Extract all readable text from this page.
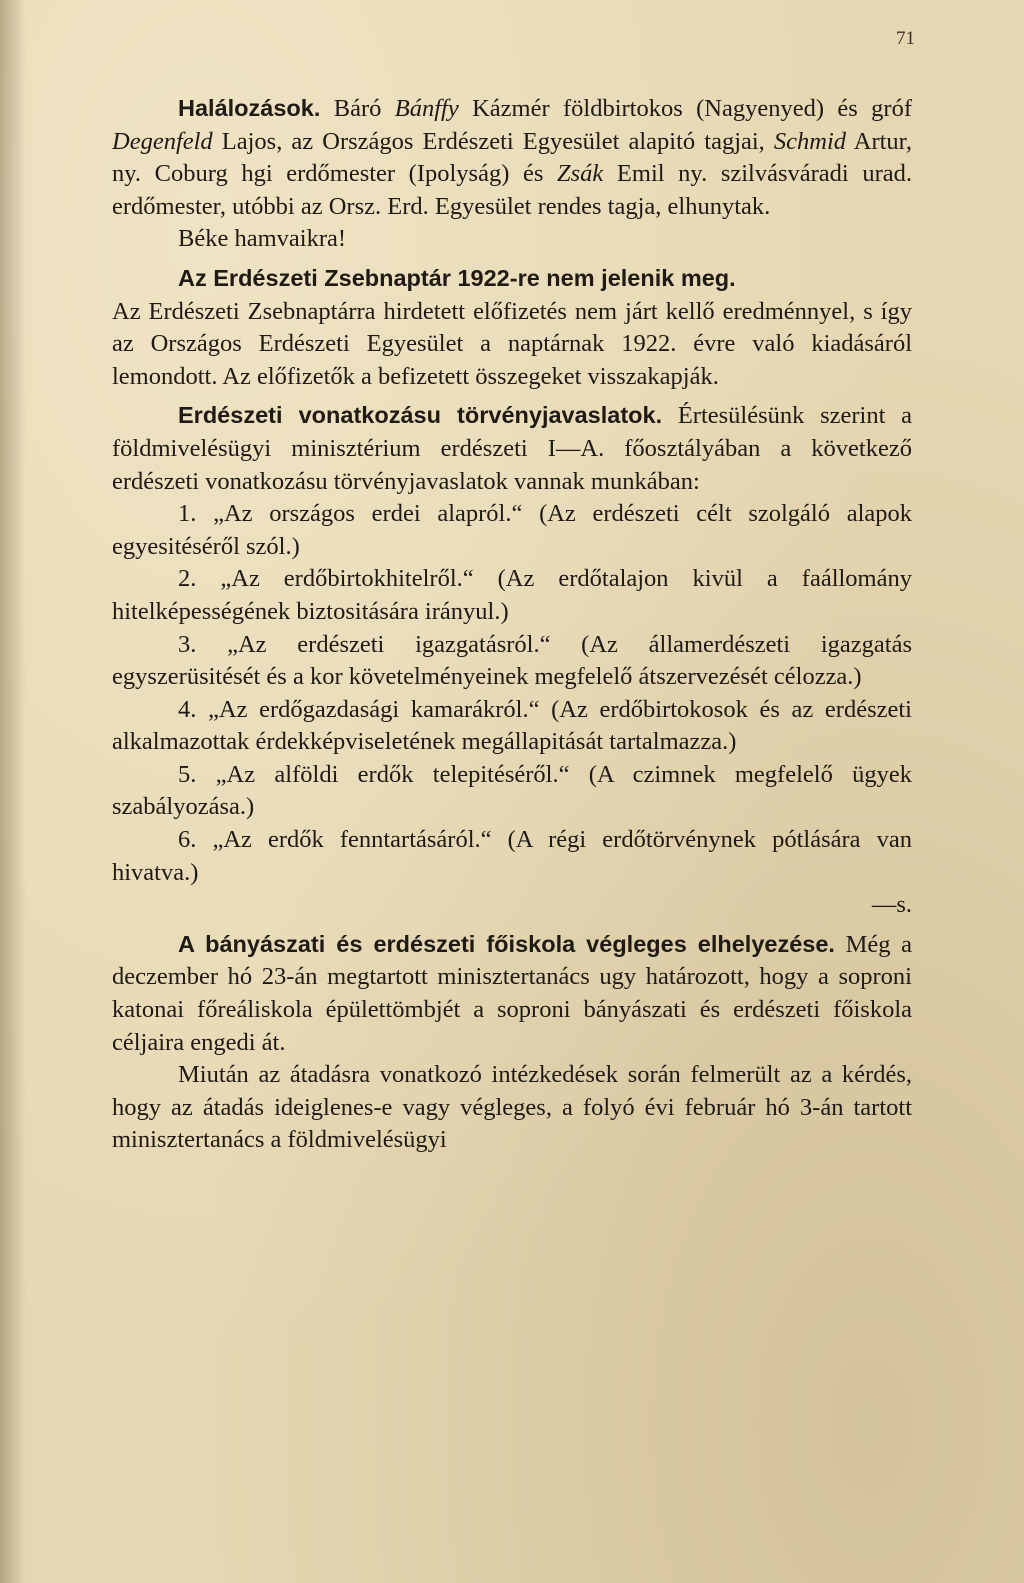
71

Halálozások. Báró Bánffy Kázmér földbirtokos (Nagyenyed) és gróf Degenfeld Lajos, az Országos Erdészeti Egyesület alapitó tagjai, Schmid Artur, ny. Coburg hgi erdőmester (Ipolyság) és Zsák Emil ny. szilvásváradi urad. erdőmester, utóbbi az Orsz. Erd. Egyesület rendes tagja, elhunytak.

Béke hamvaikra!

Az Erdészeti Zsebnaptár 1922-re nem jelenik meg.

Az Erdészeti Zsebnaptárra hirdetett előfizetés nem járt kellő eredménnyel, s így az Országos Erdészeti Egyesület a naptárnak 1922. évre való kiadásáról lemondott. Az előfizetők a befizetett összegeket visszakapják.

Erdészeti vonatkozásu törvényjavaslatok. Értesülésünk szerint a földmivelésügyi minisztérium erdészeti I—A. főosztályában a következő erdészeti vonatkozásu törvényjavaslatok vannak munkában:

1. „Az országos erdei alapról.“ (Az erdészeti célt szolgáló alapok egyesitéséről szól.)

2. „Az erdőbirtokhitelről.“ (Az erdőtalajon kivül a faállomány hitelképességének biztositására irányul.)

3. „Az erdészeti igazgatásról.“ (Az államerdészeti igazgatás egyszerüsitését és a kor követelményeinek megfelelő átszervezését célozza.)

4. „Az erdőgazdasági kamarákról.“ (Az erdőbirtokosok és az erdészeti alkalmazottak érdekképviseletének megállapitását tartalmazza.)

5. „Az alföldi erdők telepitéséről.“ (A czimnek megfelelő ügyek szabályozása.)

6. „Az erdők fenntartásáról.“ (A régi erdőtörvénynek pótlására van hivatva.)
—s.

A bányászati és erdészeti főiskola végleges elhelyezése. Még a deczember hó 23-án megtartott minisztertanács ugy határozott, hogy a soproni katonai főreáliskola épülettömbjét a soproni bányászati és erdészeti főiskola céljaira engedi át.

Miután az átadásra vonatkozó intézkedések során felmerült az a kérdés, hogy az átadás ideiglenes-e vagy végleges, a folyó évi február hó 3-án tartott minisztertanács a földmivelésügyi
